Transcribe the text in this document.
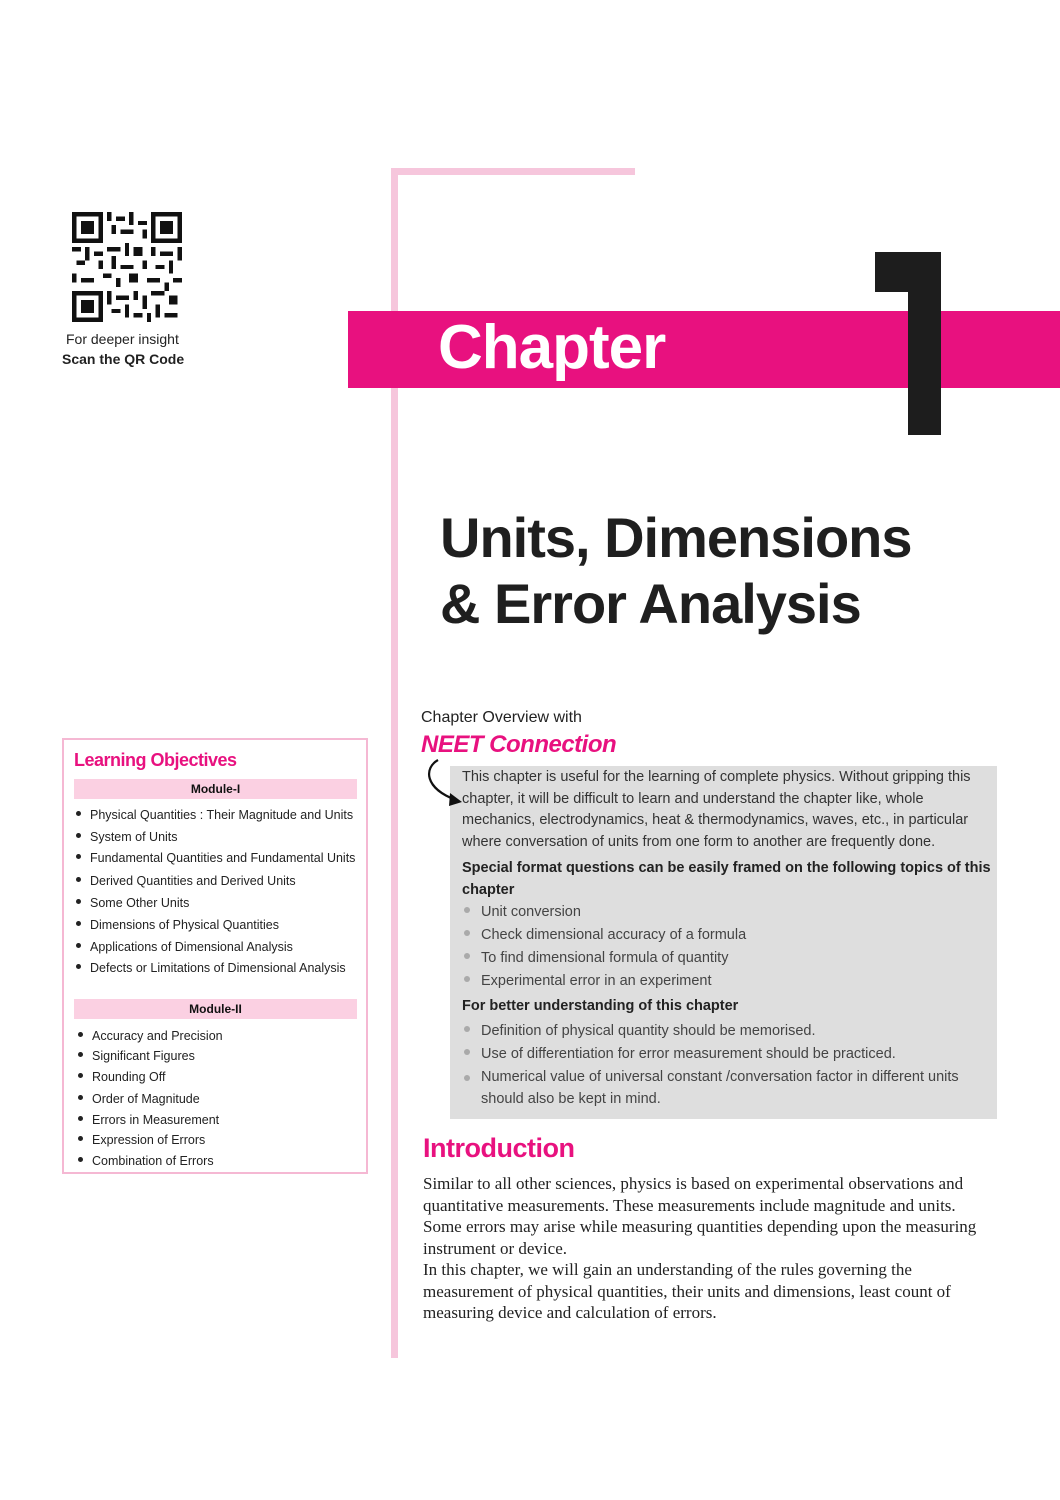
For deeper insight
Scan the QR Code	Chapter
Units, Dimensions
& Error Analysis
Learning Objectives
Module-I
Physical Quantities : Their Magnitude and Units
System of Units
Fundamental Quantities and Fundamental Units
Derived Quantities and Derived Units
Some Other Units
Dimensions of Physical Quantities
Applications of Dimensional Analysis
Defects or Limitations of Dimensional Analysis
Module-II
Accuracy and Precision
Significant Figures
Rounding Off
Order of Magnitude
Errors in Measurement
Expression of Errors
Combination of Errors
Chapter Overview with
NEET Connection
This chapter is useful for the learning of complete physics. Without gripping this chapter, it will be difficult to learn and understand the chapter like, whole mechanics, electrodynamics, heat & thermodynamics, waves, etc., in particular where conversation of units from one form to another are frequently done.
Special format questions can be easily framed on the following topics of this chapter
Unit conversion
Check dimensional accuracy of a formula
To find dimensional formula of quantity
Experimental error in an experiment
For better understanding of this chapter
Definition of physical quantity should be memorised.
Use of differentiation for error measurement should be practiced.
Numerical value of universal constant /conversation factor in different units should also be kept in mind.
Introduction
Similar to all other sciences, physics is based on experimental observations and quantitative measurements. These measurements include magnitude and units. Some errors may arise while measuring quantities depending upon the measuring instrument or device.
In this chapter, we will gain an understanding of the rules governing the measurement of physical quantities, their units and dimensions, least count of measuring device and calculation of errors.
